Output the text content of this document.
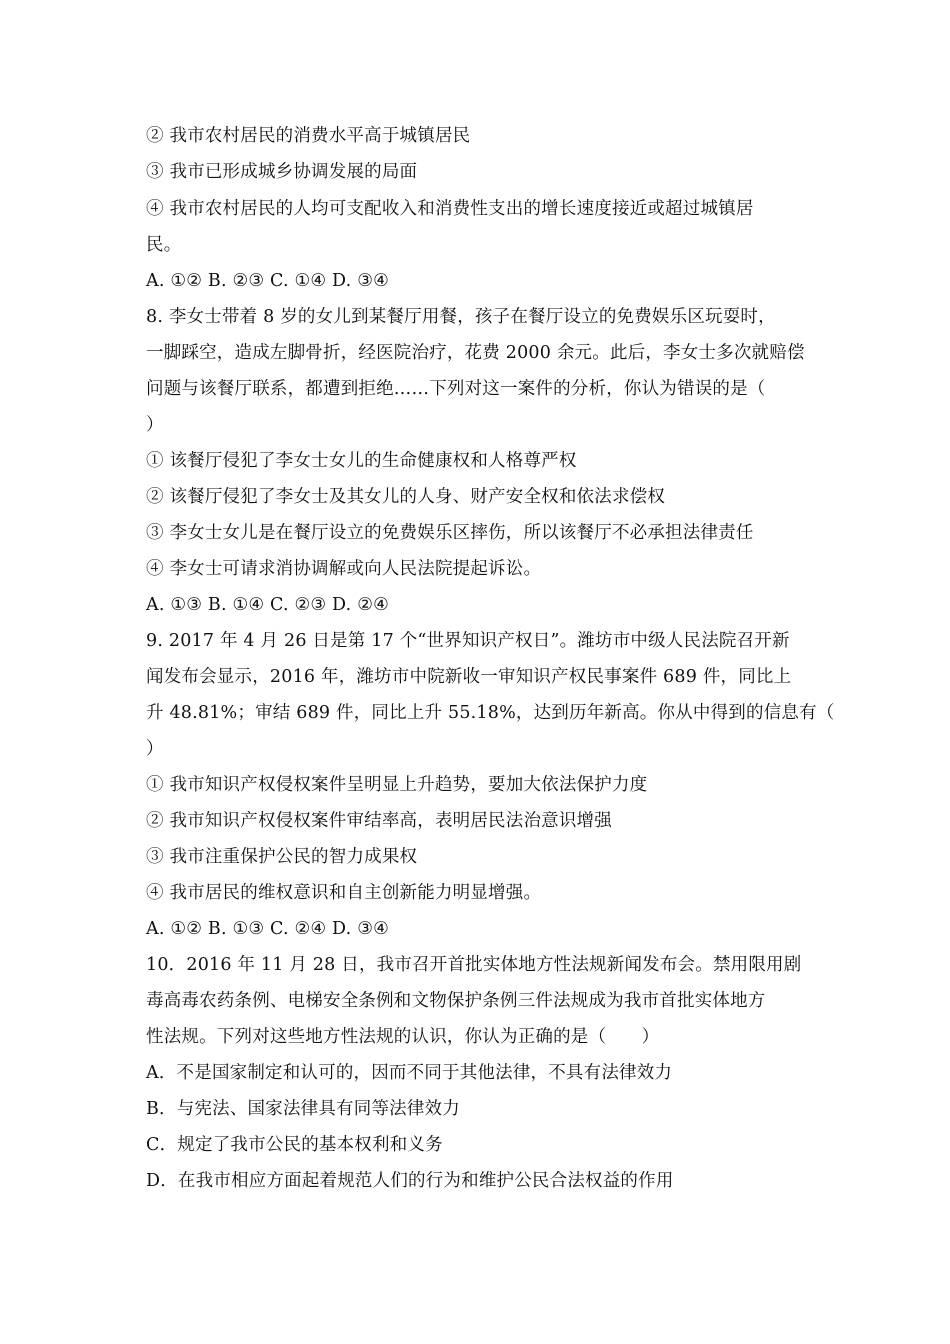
② 我市农村居民的消费水平高于城镇居民
③ 我市已形成城乡协调发展的局面
④ 我市农村居民的人均可支配收入和消费性支出的增长速度接近或超过城镇居
民。
A. ①② B. ②③ C. ①④ D. ③④
8. 李女士带着 8 岁的女儿到某餐厅用餐，孩子在餐厅设立的免费娱乐区玩耍时，
一脚踩空，造成左脚骨折，经医院治疗，花费 2000 余元。此后，李女士多次就赔偿
问题与该餐厅联系，都遭到拒绝……下列对这一案件的分析，你认为错误的是（
）
① 该餐厅侵犯了李女士女儿的生命健康权和人格尊严权
② 该餐厅侵犯了李女士及其女儿的人身、财产安全权和依法求偿权
③ 李女士女儿是在餐厅设立的免费娱乐区摔伤，所以该餐厅不必承担法律责任
④ 李女士可请求消协调解或向人民法院提起诉讼。
A. ①③ B. ①④ C. ②③ D. ②④
9. 2017 年 4 月 26 日是第 17 个“世界知识产权日”。潍坊市中级人民法院召开新
闻发布会显示，2016 年，潍坊市中院新收一审知识产权民事案件 689 件，同比上
升 48.81%；审结 689 件，同比上升 55.18%，达到历年新高。你从中得到的信息有（
）
① 我市知识产权侵权案件呈明显上升趋势，要加大依法保护力度
② 我市知识产权侵权案件审结率高，表明居民法治意识增强
③ 我市注重保护公民的智力成果权
④ 我市居民的维权意识和自主创新能力明显增强。
A. ①② B. ①③ C. ②④ D. ③④
10．2016 年 11 月 28 日，我市召开首批实体地方性法规新闻发布会。禁用限用剧
毒高毒农药条例、电梯安全条例和文物保护条例三件法规成为我市首批实体地方
性法规。下列对这些地方性法规的认识，你认为正确的是（　　）
A．不是国家制定和认可的，因而不同于其他法律，不具有法律效力
B．与宪法、国家法律具有同等法律效力
C．规定了我市公民的基本权利和义务
D．在我市相应方面起着规范人们的行为和维护公民合法权益的作用
